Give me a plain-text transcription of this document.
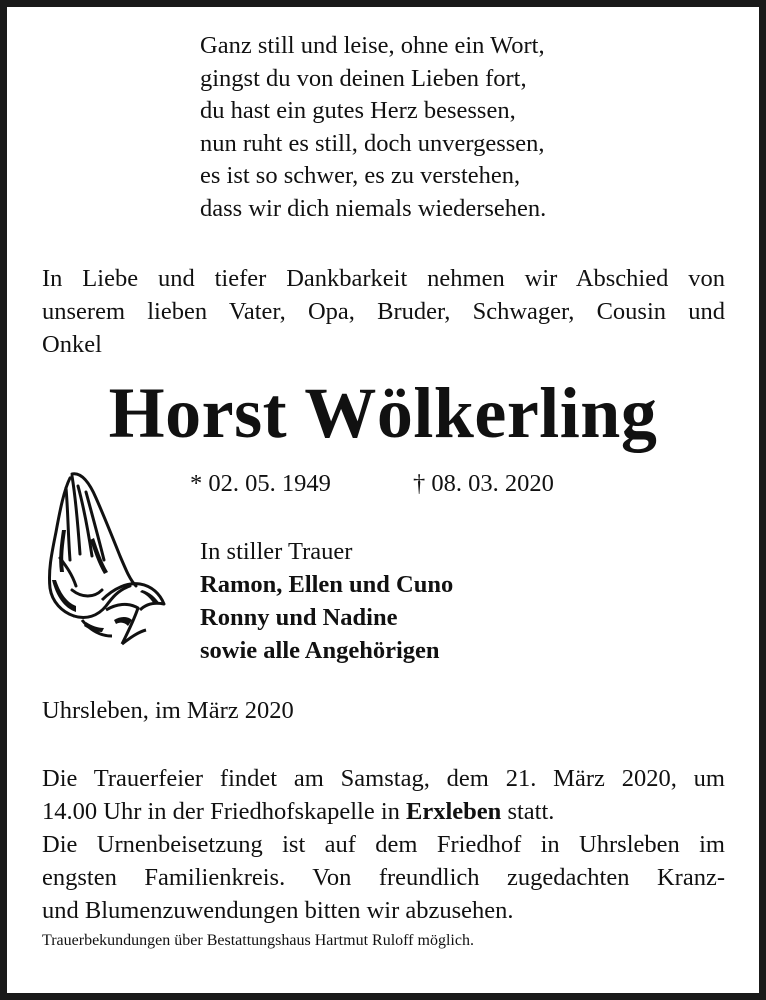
Ganz still und leise, ohne ein Wort,
gingst du von deinen Lieben fort,
du hast ein gutes Herz besessen,
nun ruht es still, doch unvergessen,
es ist so schwer, es zu verstehen,
dass wir dich niemals wiedersehen.
In Liebe und tiefer Dankbarkeit nehmen wir Abschied von
unserem lieben Vater, Opa, Bruder, Schwager, Cousin und
Onkel
Horst Wölkerling
* 02. 05. 1949	† 08. 03. 2020
In stiller Trauer
Ramon, Ellen und Cuno
Ronny und Nadine
sowie alle Angehörigen
Uhrsleben, im März 2020
Die Trauerfeier findet am Samstag, dem 21. März 2020, um
14.00 Uhr in der Friedhofskapelle in Erxleben statt.
Die Urnenbeisetzung ist auf dem Friedhof in Uhrsleben im
engsten Familienkreis. Von freundlich zugedachten Kranz-
und Blumenzuwendungen bitten wir abzusehen.
Trauerbekundungen über Bestattungshaus Hartmut Ruloff möglich.
